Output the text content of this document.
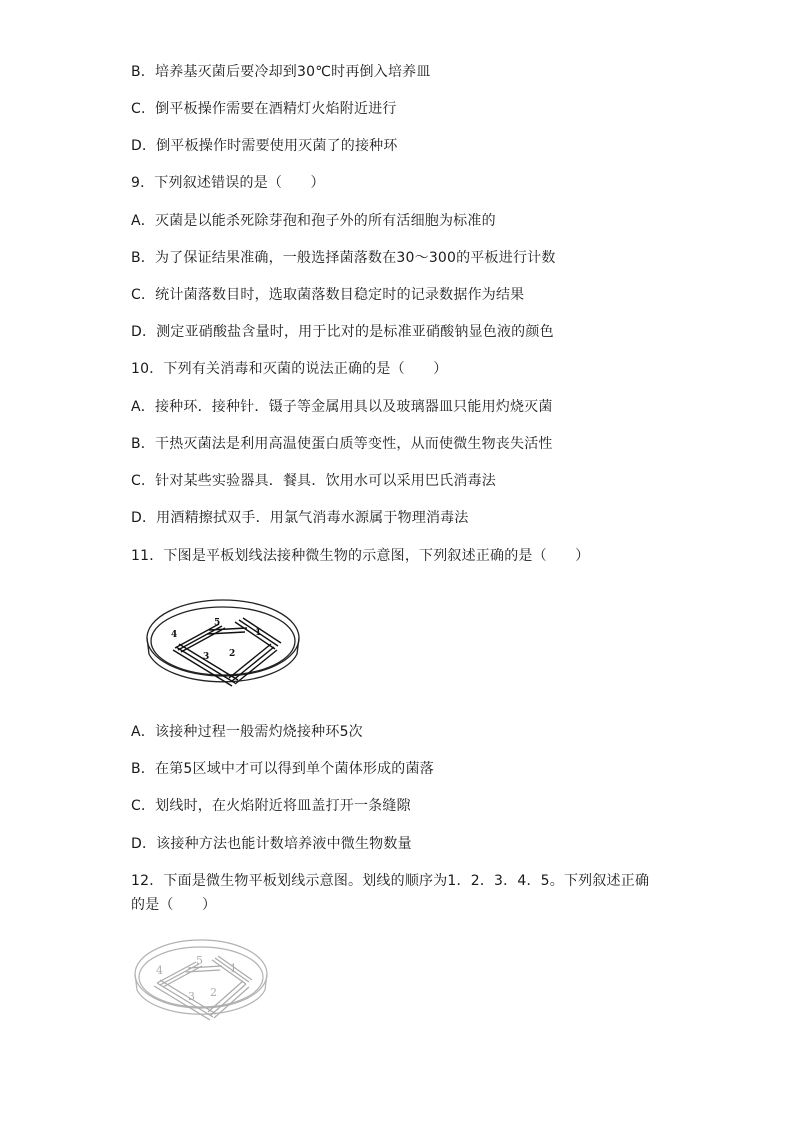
B．培养基灭菌后要冷却到30℃时再倒入培养皿
C．倒平板操作需要在酒精灯火焰附近进行
D．倒平板操作时需要使用灭菌了的接种环
9．下列叙述错误的是（　　）
A．灭菌是以能杀死除芽孢和孢子外的所有活细胞为标准的
B．为了保证结果准确，一般选择菌落数在30～300的平板进行计数
C．统计菌落数目时，选取菌落数目稳定时的记录数据作为结果
D．测定亚硝酸盐含量时，用于比对的是标准亚硝酸钠显色液的颜色
10．下列有关消毒和灭菌的说法正确的是（　　）
A．接种环．接种针．镊子等金属用具以及玻璃器皿只能用灼烧灭菌
B．干热灭菌法是利用高温使蛋白质等变性，从而使微生物丧失活性
C．针对某些实验器具．餐具．饮用水可以采用巴氏消毒法
D．用酒精擦拭双手．用氯气消毒水源属于物理消毒法
11．下图是平板划线法接种微生物的示意图，下列叙述正确的是（　　）
1
2
3
4
5
A．该接种过程一般需灼烧接种环5次
B．在第5区域中才可以得到单个菌体形成的菌落
C．划线时，在火焰附近将皿盖打开一条缝隙
D．该接种方法也能计数培养液中微生物数量
12．下面是微生物平板划线示意图。划线的顺序为1．2．3．4．5。下列叙述正确
的是（　　）
1
2
3
4
5
